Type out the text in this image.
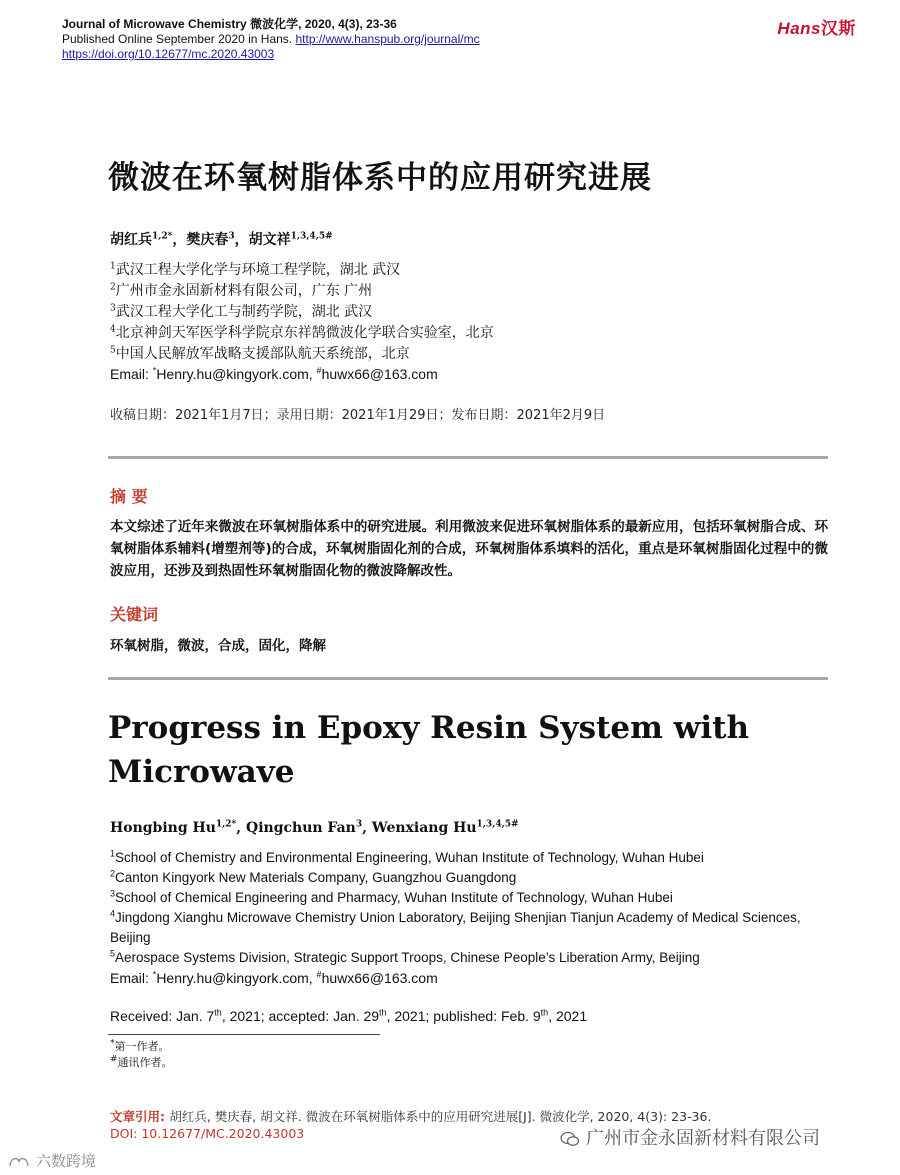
Journal of Microwave Chemistry 微波化学, 2020, 4(3), 23-36
Published Online September 2020 in Hans. http://www.hanspub.org/journal/mc
https://doi.org/10.12677/mc.2020.43003
Hans汉斯
微波在环氧树脂体系中的应用研究进展
胡红兵$^{1,2*}$，樊庆春$^3$，胡文祥$^{1,3,4,5\#}$
$^1$武汉工程大学化学与环境工程学院，湖北 武汉
$^2$广州市金永固新材料有限公司，广东 广州
$^3$武汉工程大学化工与制药学院，湖北 武汉
$^4$北京神剑天军医学科学院京东祥鹄微波化学联合实验室，北京
$^5$中国人民解放军战略支援部队航天系统部，北京
Email: *Henry.hu@kingyork.com, #huwx66@163.com
收稿日期：2021年1月7日；录用日期：2021年1月29日；发布日期：2021年2月9日
摘 要
本文综述了近年来微波在环氧树脂体系中的研究进展。利用微波来促进环氧树脂体系的最新应用，包括环氧树脂合成、环氧树脂体系辅料(增塑剂等)的合成，环氧树脂固化剂的合成，环氧树脂体系填料的活化，重点是环氧树脂固化过程中的微波应用，还涉及到热固性环氧树脂固化物的微波降解改性。
关键词
环氧树脂，微波，合成，固化，降解
Progress in Epoxy Resin System with
Microwave
Hongbing $Hu^{1,2*}$, Qingchun Fan$^3$, Wenxiang $Hu^{1,3,4,5\#}$
$^1$School of Chemistry and Environmental Engineering, Wuhan Institute of Technology, Wuhan Hubei
$^2$Canton Kingyork New Materials Company, Guangzhou Guangdong
$^3$School of Chemical Engineering and Pharmacy, Wuhan Institute of Technology, Wuhan Hubei
$^4$Jingdong Xianghu Microwave Chemistry Union Laboratory, Beijing Shenjian Tianjun Academy of Medical Sciences, Beijing
$^5$Aerospace Systems Division, Strategic Support Troops, Chinese People’s Liberation Army, Beijing
Email: *Henry.hu@kingyork.com, #huwx66@163.com
Received: Jan. 7th, 2021; accepted: Jan. 29th, 2021; published: Feb. 9th, 2021
*第一作者。
#通讯作者。
文章引用: 胡红兵, 樊庆春, 胡文祥. 微波在环氧树脂体系中的应用研究进展[J]. 微波化学, 2020, 4(3): 23-36.
DOI: 10.12677/MC.2020.43003	广州市金永固新材料有限公司
六数跨境
